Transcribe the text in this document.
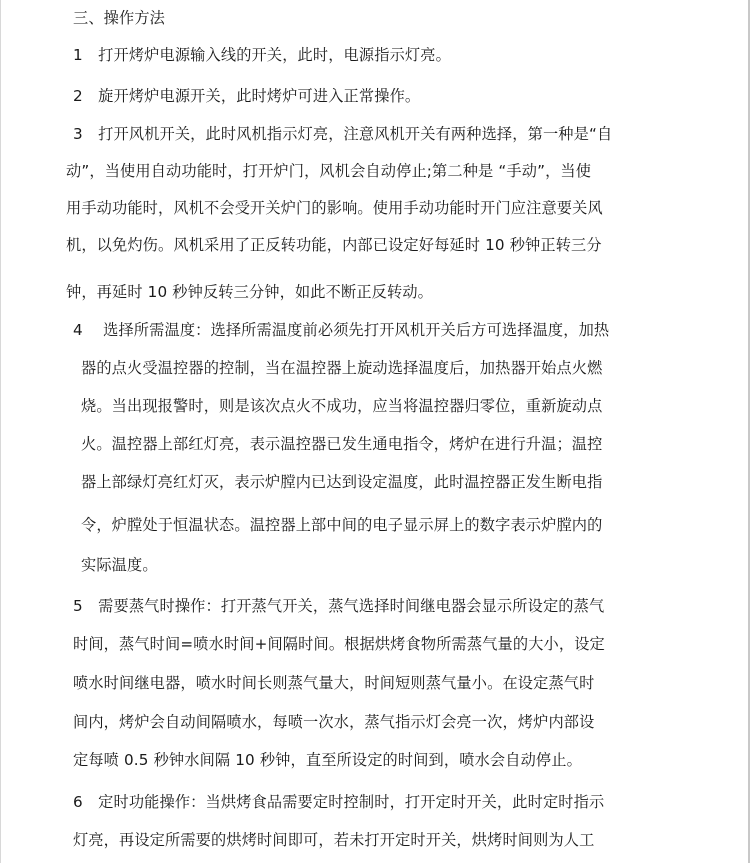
三、操作方法
1　打开烤炉电源输入线的开关，此时，电源指示灯亮。
2　旋开烤炉电源开关，此时烤炉可进入正常操作。
3　打开风机开关，此时风机指示灯亮，注意风机开关有两种选择，第一种是“自
动”，当使用自动功能时，打开炉门，风机会自动停止;第二种是 “手动”，当使
用手动功能时，风机不会受开关炉门的影响。使用手动功能时开门应注意要关风
机，以免灼伤。风机采用了正反转功能，内部已设定好每延时 10 秒钟正转三分
钟，再延时 10 秒钟反转三分钟，如此不断正反转动。
4　 选择所需温度：选择所需温度前必须先打开风机开关后方可选择温度，加热
器的点火受温控器的控制，当在温控器上旋动选择温度后，加热器开始点火燃
烧。当出现报警时，则是该次点火不成功，应当将温控器归零位，重新旋动点
火。温控器上部红灯亮，表示温控器已发生通电指令，烤炉在进行升温；温控
器上部绿灯亮红灯灭，表示炉膛内已达到设定温度，此时温控器正发生断电指
令，炉膛处于恒温状态。温控器上部中间的电子显示屏上的数字表示炉膛内的
实际温度。
5　需要蒸气时操作：打开蒸气开关，蒸气选择时间继电器会显示所设定的蒸气
时间，蒸气时间=喷水时间+间隔时间。根据烘烤食物所需蒸气量的大小，设定
喷水时间继电器，喷水时间长则蒸气量大，时间短则蒸气量小。在设定蒸气时
间内，烤炉会自动间隔喷水，每喷一次水，蒸气指示灯会亮一次，烤炉内部设
定每喷 0.5 秒钟水间隔 10 秒钟，直至所设定的时间到，喷水会自动停止。
6　定时功能操作：当烘烤食品需要定时控制时，打开定时开关，此时定时指示
灯亮，再设定所需要的烘烤时间即可，若未打开定时开关，烘烤时间则为人工
